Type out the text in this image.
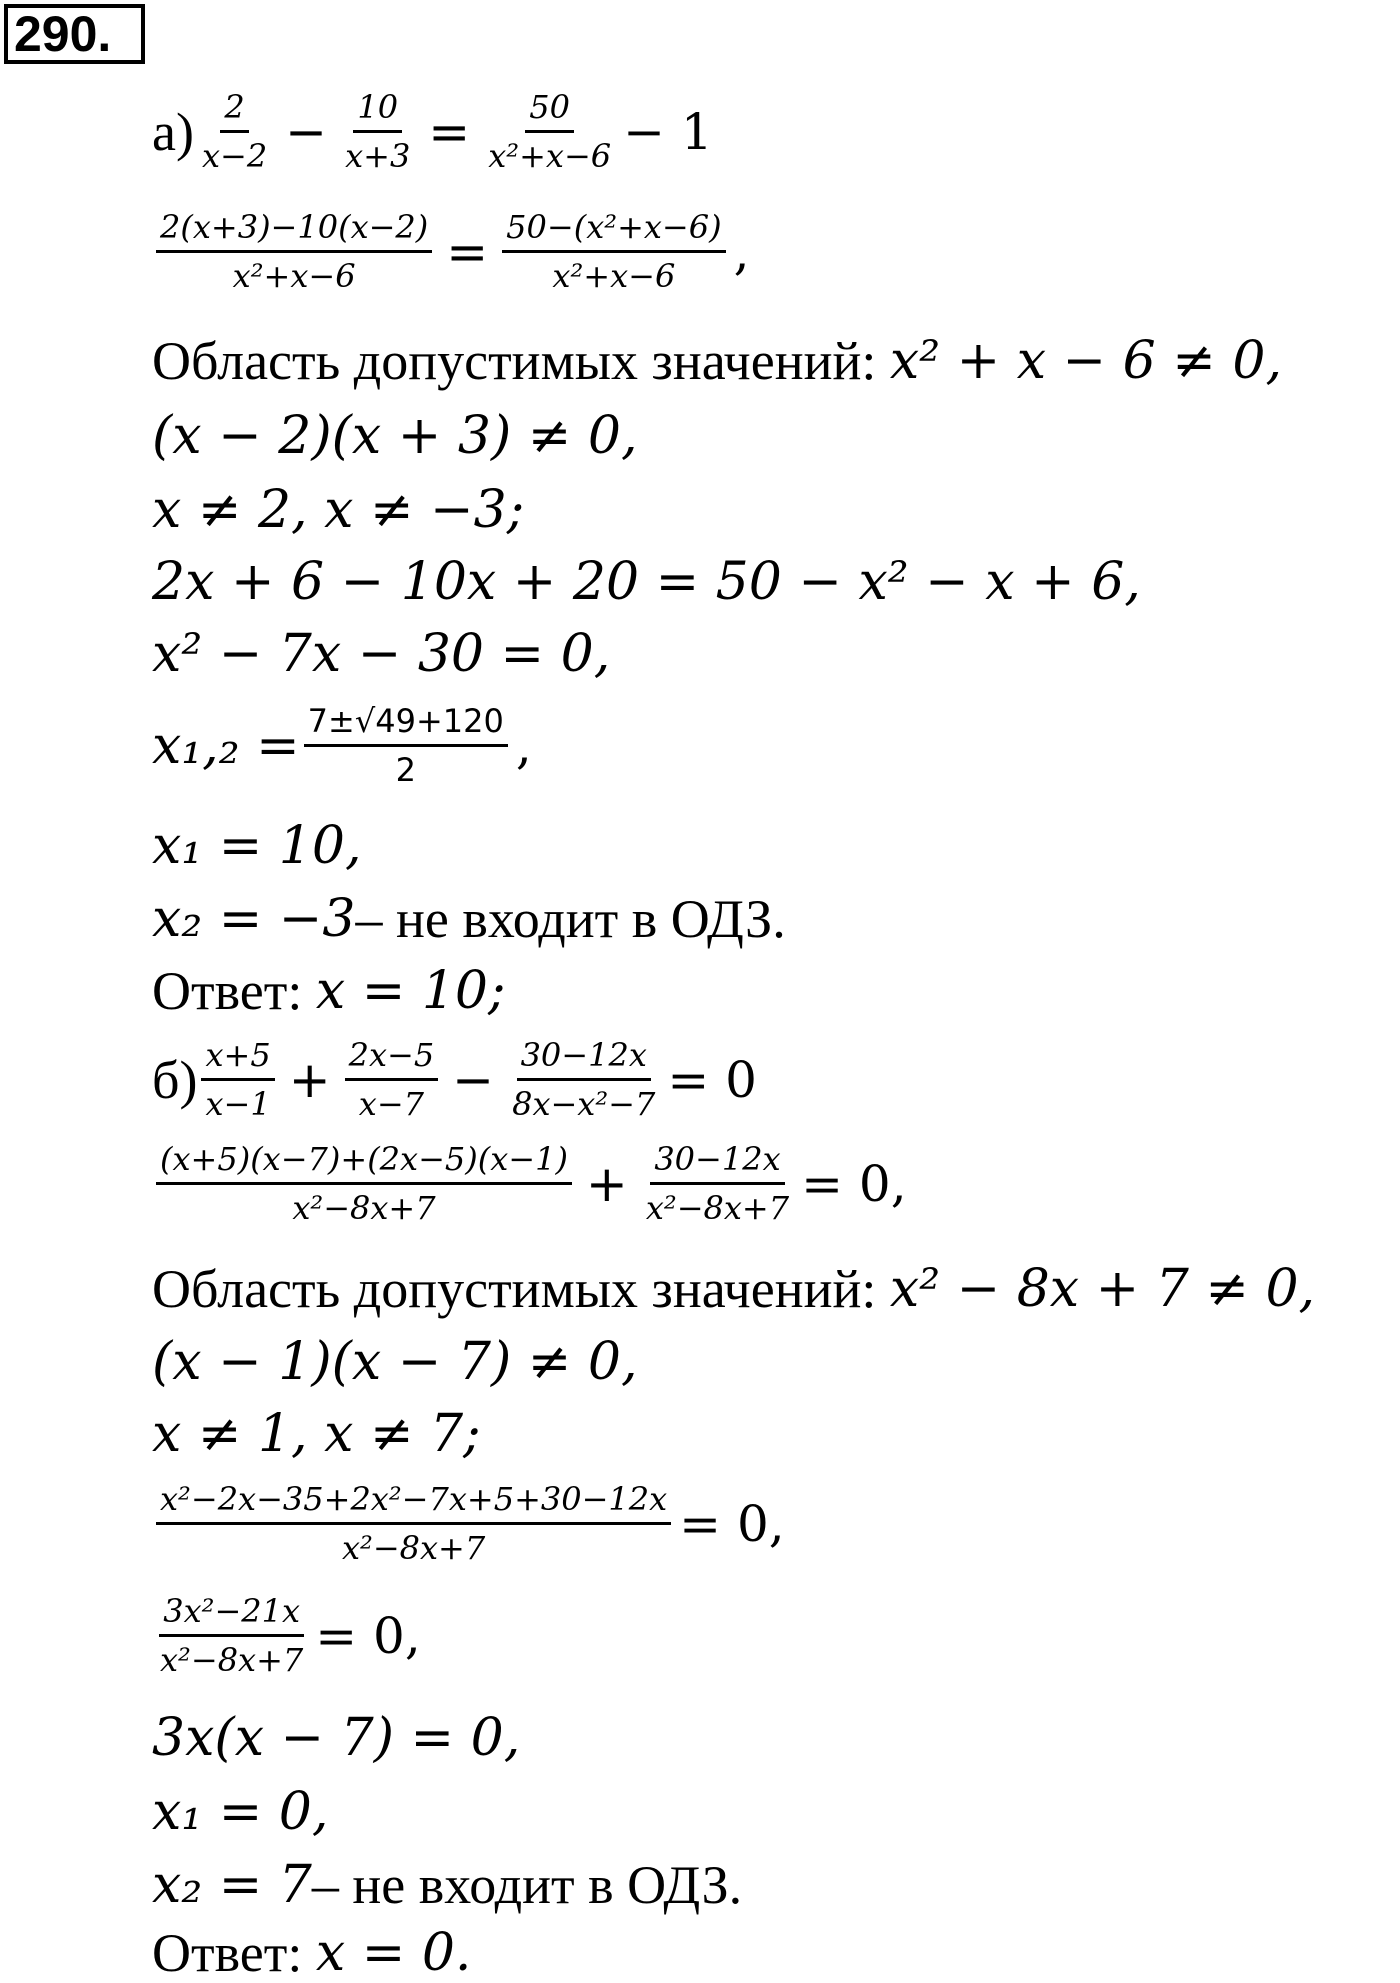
290.
$а) \frac{2}{x-2} - \frac{10}{x+3} = \frac{50}{\text{x²+x−6}} - 1$
$\frac{2(x+3)-10(x-2)}{\text{x²+x−6}} = \frac{\text{50−(x²+x−6)}}{\text{x²+x−6}}$ ,
Область допустимых значений:
x² + x − 6 ≠ 0,
(x − 2)(x + 3) ≠ 0,
x ≠ 2, x ≠ −3;
2x + 6 − 10x + 20 = 50 − x² − x + 6,
x² − 7x − 30 = 0,
$x_1,_2 = \frac{7\pm√49+120}{2}$ ,
x₁ = 10,
x₂ = −3 – не входит в ОДЗ.
Ответ:
x = 10;
$б) \frac{x+5}{x-1} + \frac{2x-5}{x-7} - \frac{30-12x}{\text{8x−x²−7}} = 0$
$\frac{(x+5)(x-7)+(2x-5)(x-1)}{\text{x²−8x+7}} + \frac{30-12x}{\text{x²−8x+7}} = 0$,
Область допустимых значений:
x² − 8x + 7 ≠ 0,
(x − 1)(x − 7) ≠ 0,
x ≠ 1, x ≠ 7;
$\frac{\text{x²−2x−35+2x²−7x+5+30−12x}}{\text{x²−8x+7}} = 0$,
$\frac{\text{3x²−21x}}{\text{x²−8x+7}} = 0$,
3x(x − 7) = 0,
x₁ = 0,
x₂ = 7 – не входит в ОДЗ.
Ответ:
x = 0.
